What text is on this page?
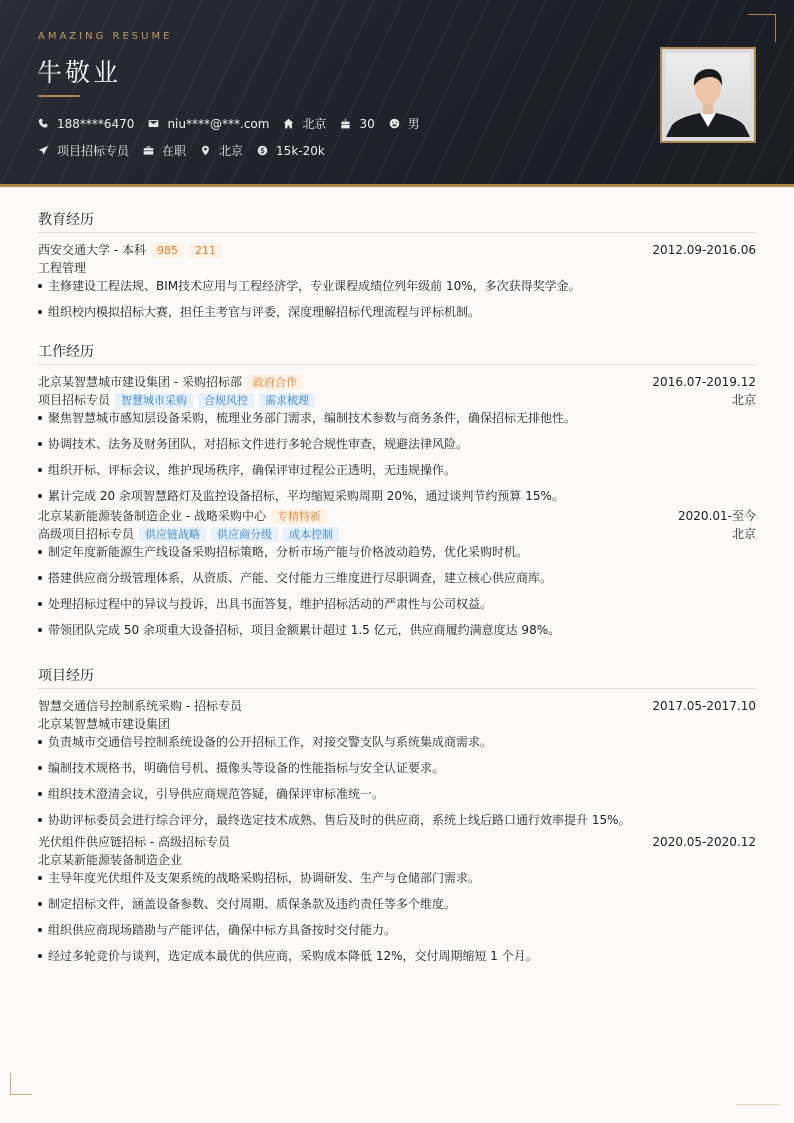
AMAZING RESUME
牛敬业
188****6470	niu****@***.com	北京	30	男
项目招标专员	在职	北京	15k-20k
教育经历
西安交通大学 - 本科	985	211	2012.09-2016.06
工程管理
主修建设工程法规、BIM技术应用与工程经济学，专业课程成绩位列年级前 10%，多次获得奖学金。
组织校内模拟招标大赛，担任主考官与评委，深度理解招标代理流程与评标机制。
工作经历
北京某智慧城市建设集团 - 采购招标部	政府合作	2016.07-2019.12
项目招标专员	智慧城市采购	合规风控	需求梳理	北京
聚焦智慧城市感知层设备采购，梳理业务部门需求，编制技术参数与商务条件，确保招标无排他性。
协调技术、法务及财务团队，对招标文件进行多轮合规性审查，规避法律风险。
组织开标、评标会议，维护现场秩序，确保评审过程公正透明，无违规操作。
累计完成 20 余项智慧路灯及监控设备招标，平均缩短采购周期 20%，通过谈判节约预算 15%。
北京某新能源装备制造企业 - 战略采购中心	专精特新	2020.01-至今
高级项目招标专员	供应链战略	供应商分级	成本控制	北京
制定年度新能源生产线设备采购招标策略，分析市场产能与价格波动趋势，优化采购时机。
搭建供应商分级管理体系，从资质、产能、交付能力三维度进行尽职调查，建立核心供应商库。
处理招标过程中的异议与投诉，出具书面答复，维护招标活动的严肃性与公司权益。
带领团队完成 50 余项重大设备招标，项目金额累计超过 1.5 亿元，供应商履约满意度达 98%。
项目经历
智慧交通信号控制系统采购 - 招标专员	2017.05-2017.10
北京某智慧城市建设集团
负责城市交通信号控制系统设备的公开招标工作，对接交警支队与系统集成商需求。
编制技术规格书，明确信号机、摄像头等设备的性能指标与安全认证要求。
组织技术澄清会议，引导供应商规范答疑，确保评审标准统一。
协助评标委员会进行综合评分，最终选定技术成熟、售后及时的供应商，系统上线后路口通行效率提升 15%。
光伏组件供应链招标 - 高级招标专员	2020.05-2020.12
北京某新能源装备制造企业
主导年度光伏组件及支架系统的战略采购招标，协调研发、生产与仓储部门需求。
制定招标文件，涵盖设备参数、交付周期、质保条款及违约责任等多个维度。
组织供应商现场踏勘与产能评估，确保中标方具备按时交付能力。
经过多轮竞价与谈判，选定成本最优的供应商，采购成本降低 12%，交付周期缩短 1 个月。
